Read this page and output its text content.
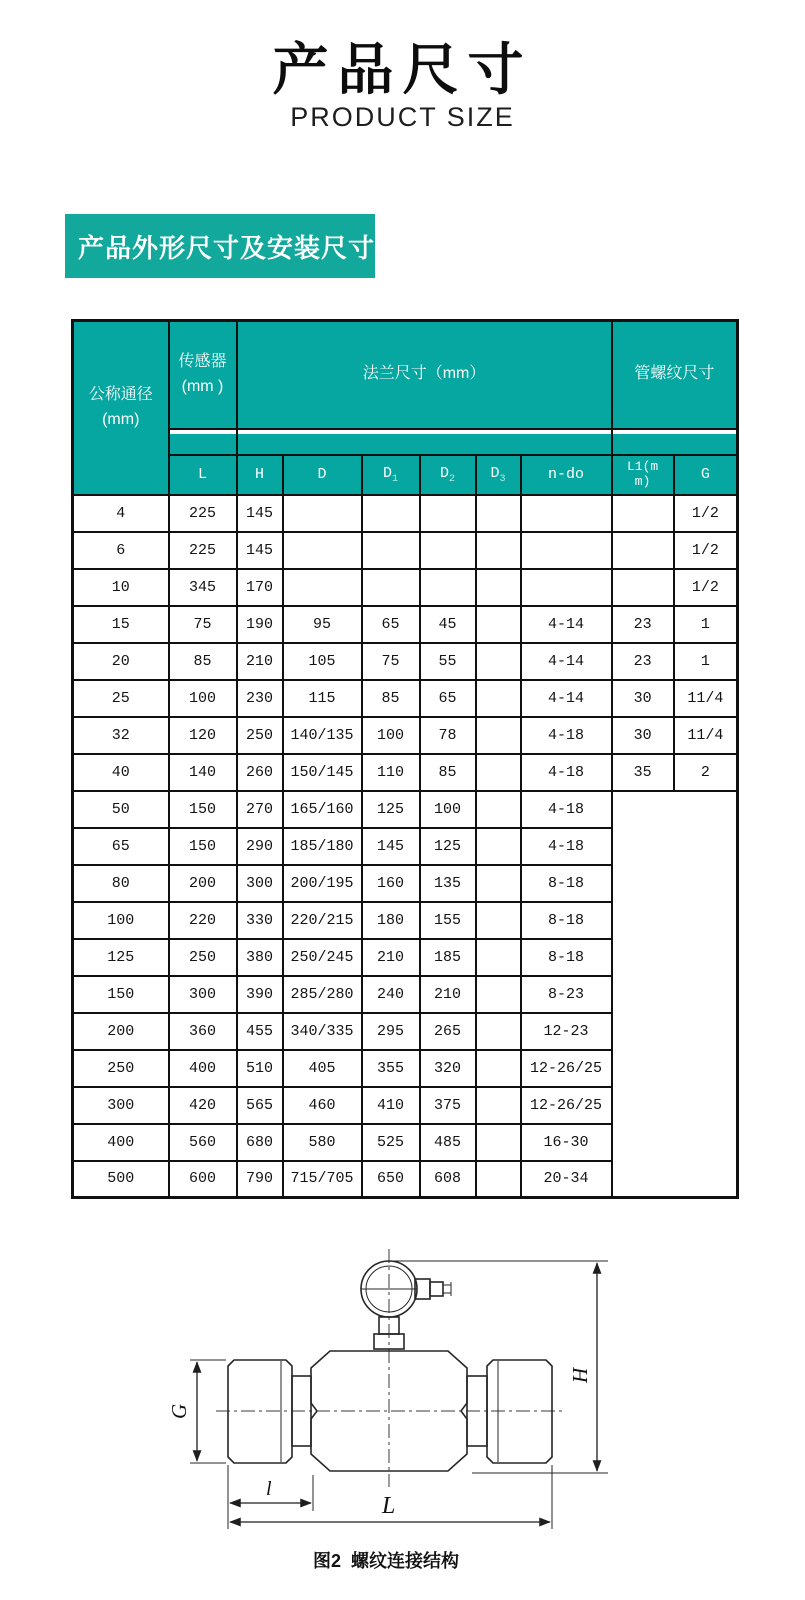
产品尺寸
PRODUCT SIZE
产品外形尺寸及安装尺寸
公称通径
(mm)

传感器
(mm )
	法兰尺寸（mm）	管螺纹尺寸

	L	H	D	$D_1$	$D_2$	$D_3$	n-do	L1(mm)	G
4	225	145							1/2
6	225	145							1/2
10	345	170							1/2
15	75	190	95	65	45		4-14	23	1
20	85	210	105	75	55		4-14	23	1
25	100	230	115	85	65		4-14	30	11/4
32	120	250	140/135	100	78		4-18	30	11/4
40	140	260	150/145	110	85		4-18	35	2
50	150	270	165/160	125	100		4-18		
65	150	290	185/180	145	125		4-18		
80	200	300	200/195	160	135		8-18		
100	220	330	220/215	180	155		8-18		
125	250	380	250/245	210	185		8-18		
150	300	390	285/280	240	210		8-23		
200	360	455	340/335	295	265		12-23		
250	400	510	405	355	320		12-26/25		
300	420	565	460	410	375		12-26/25		
400	560	680	580	525	485		16-30		
500	600	790	715/705	650	608		20-34		
G
H
l
L
图2  螺纹连接结构
